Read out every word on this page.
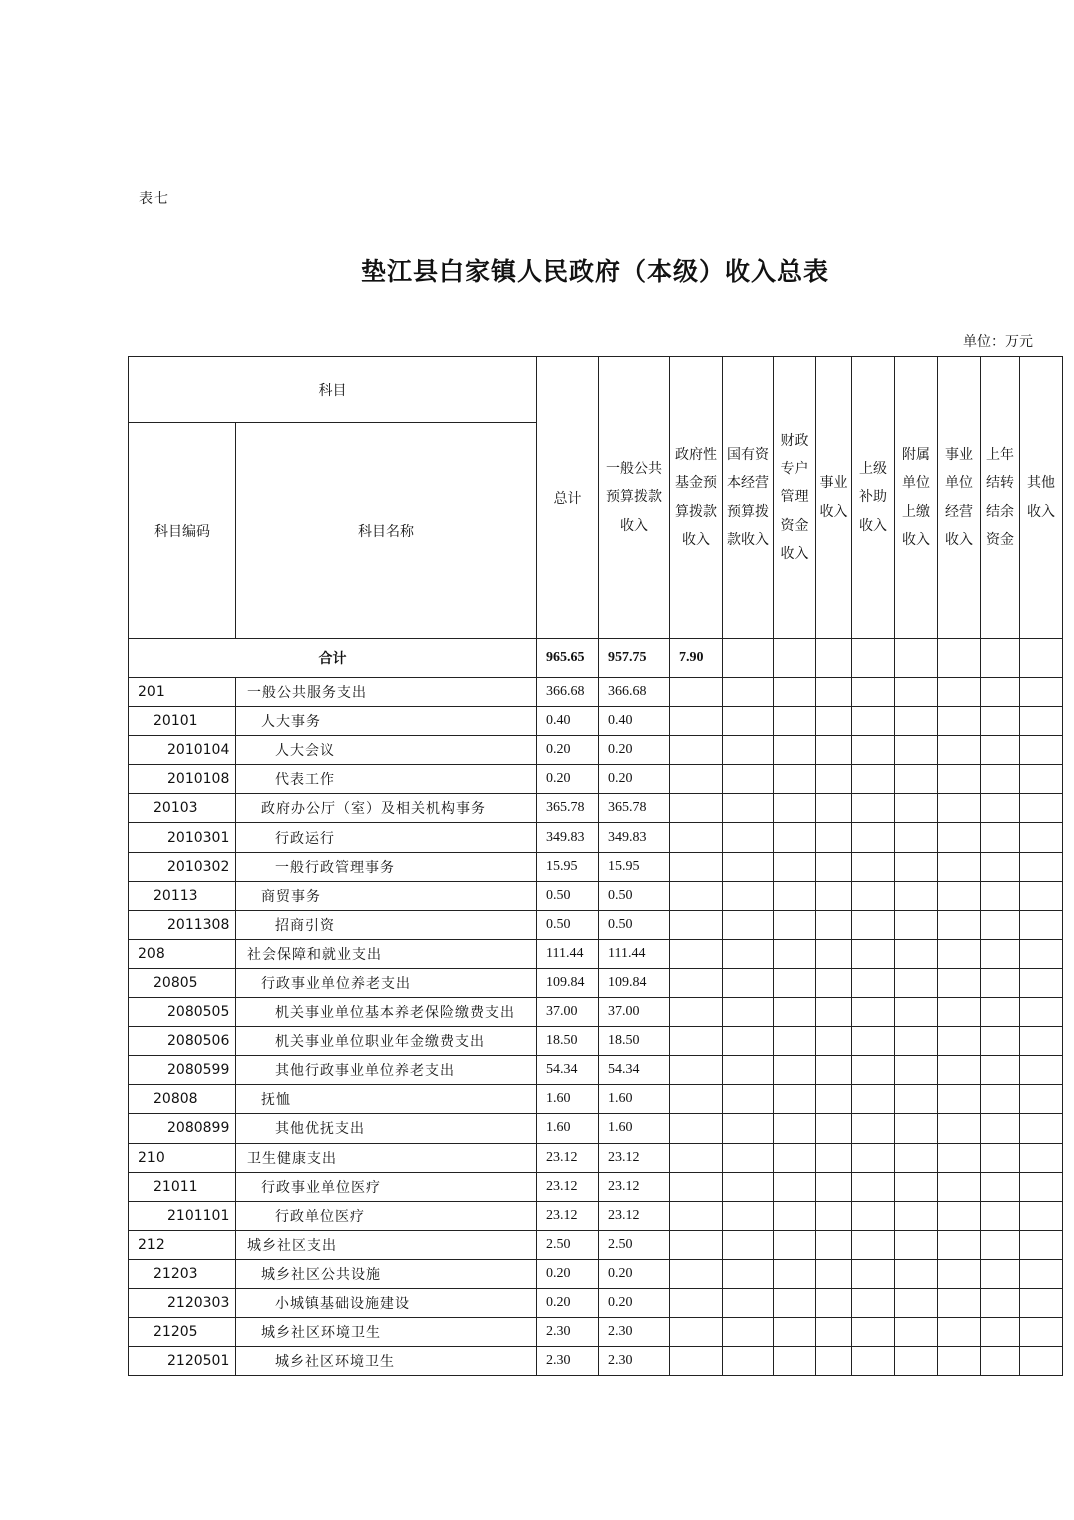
表七
垫江县白家镇人民政府（本级）收入总表
单位：万元
科目		总计	一般公共预算拨款收入	政府性基金预算拨款收入	国有资本经营预算拨款收入	财政专户管理资金收入	事业收入	上级补助收入	附属单位上缴收入	事业单位经营收入	上年结转结余资金	其他收入
科目编码	科目名称											
合计		965.65	957.75	7.90								
201	一般公共服务支出	366.68	366.68									
20101	人大事务	0.40	0.40									
2010104	人大会议	0.20	0.20									
2010108	代表工作	0.20	0.20									
20103	政府办公厅（室）及相关机构事务	365.78	365.78									
2010301	行政运行	349.83	349.83									
2010302	一般行政管理事务	15.95	15.95									
20113	商贸事务	0.50	0.50									
2011308	招商引资	0.50	0.50									
208	社会保障和就业支出	111.44	111.44									
20805	行政事业单位养老支出	109.84	109.84									
2080505	机关事业单位基本养老保险缴费支出	37.00	37.00									
2080506	机关事业单位职业年金缴费支出	18.50	18.50									
2080599	其他行政事业单位养老支出	54.34	54.34									
20808	抚恤	1.60	1.60									
2080899	其他优抚支出	1.60	1.60									
210	卫生健康支出	23.12	23.12									
21011	行政事业单位医疗	23.12	23.12									
2101101	行政单位医疗	23.12	23.12									
212	城乡社区支出	2.50	2.50									
21203	城乡社区公共设施	0.20	0.20									
2120303	小城镇基础设施建设	0.20	0.20									
21205	城乡社区环境卫生	2.30	2.30									
2120501	城乡社区环境卫生	2.30	2.30									
